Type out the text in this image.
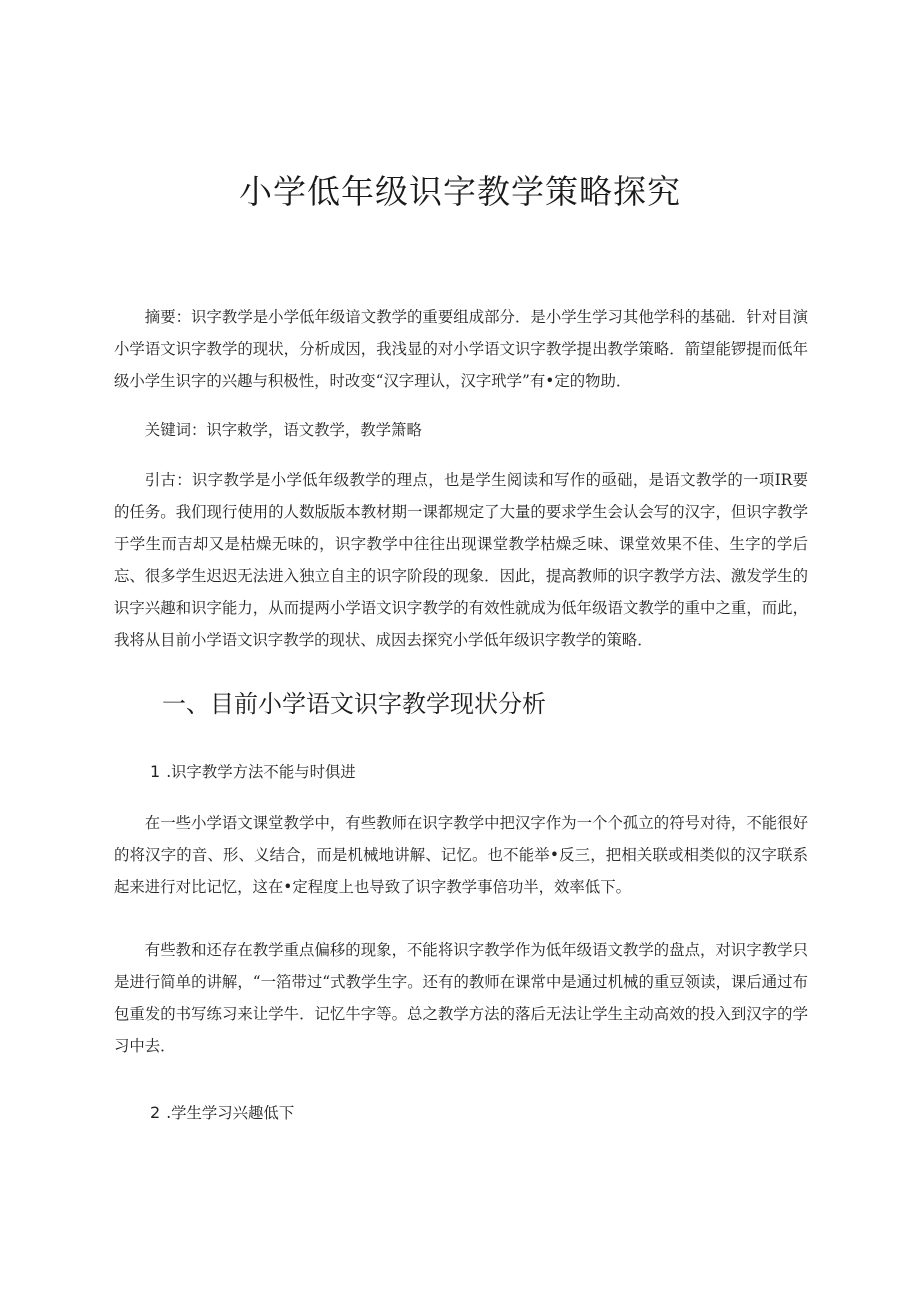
小学低年级识字教学策略探究

摘要：识字教学是小学低年级谙文教学的重要组成部分．是小学生学习其他学科的基础．针对目演小学语文识字教学的现状，分析成因，我浅显的对小学语文识字教学提出教学策略．箭望能锣提而低年级小学生识字的兴趣与积极性，时改变“汉字理认，汉字玳学”有•定的物助．

关键词：识字敕学，语文教学，教学箫略

引古：识字教学是小学低年级教学的理点，也是学生阅读和写作的亟础，是语文教学的一项IR要的任务。我们现行使用的人数版版本教材期一课都规定了大量的要求学生会认会写的汉字，但识字教学于学生而吉却又是枯燥无味的，识字教学中往往出现课堂教学枯燥乏味、课堂效果不佳、生字的学后忘、很多学生迟迟无法进入独立自主的识字阶段的现象．因此，提高教师的识字教学方法、激发学生的识字兴趣和识字能力，从而提两小学语文识字教学的有效性就成为低年级语文教学的重中之重，而此，我将从目前小学语文识字教学的现状、成因去探究小学低年级识字教学的策略．

一、目前小学语文识字教学现状分析
1 .识字教学方法不能与时俱进

在一些小学语文课堂教学中，有些教师在识字教学中把汉字作为一个个孤立的符号对待，不能很好的将汉字的音、形、义结合，而是机械地讲解、记忆。也不能举•反三，把相关联或相类似的汉字联系起来进行对比记忆，这在•定程度上也导致了识字教学事倍功半，效率低下。

有些教和还存在教学重点偏移的现象，不能将识字教学作为低年级语文教学的盘点，对识字教学只是进行简单的讲解，“一箔带过“式教学生字。还有的教师在课常中是通过机械的重豆领读，课后通过布包重发的书写练习来让学牛．记忆牛字等。总之教学方法的落后无法让学生主动高效的投入到汉字的学习中去．

2 .学生学习兴趣低下
